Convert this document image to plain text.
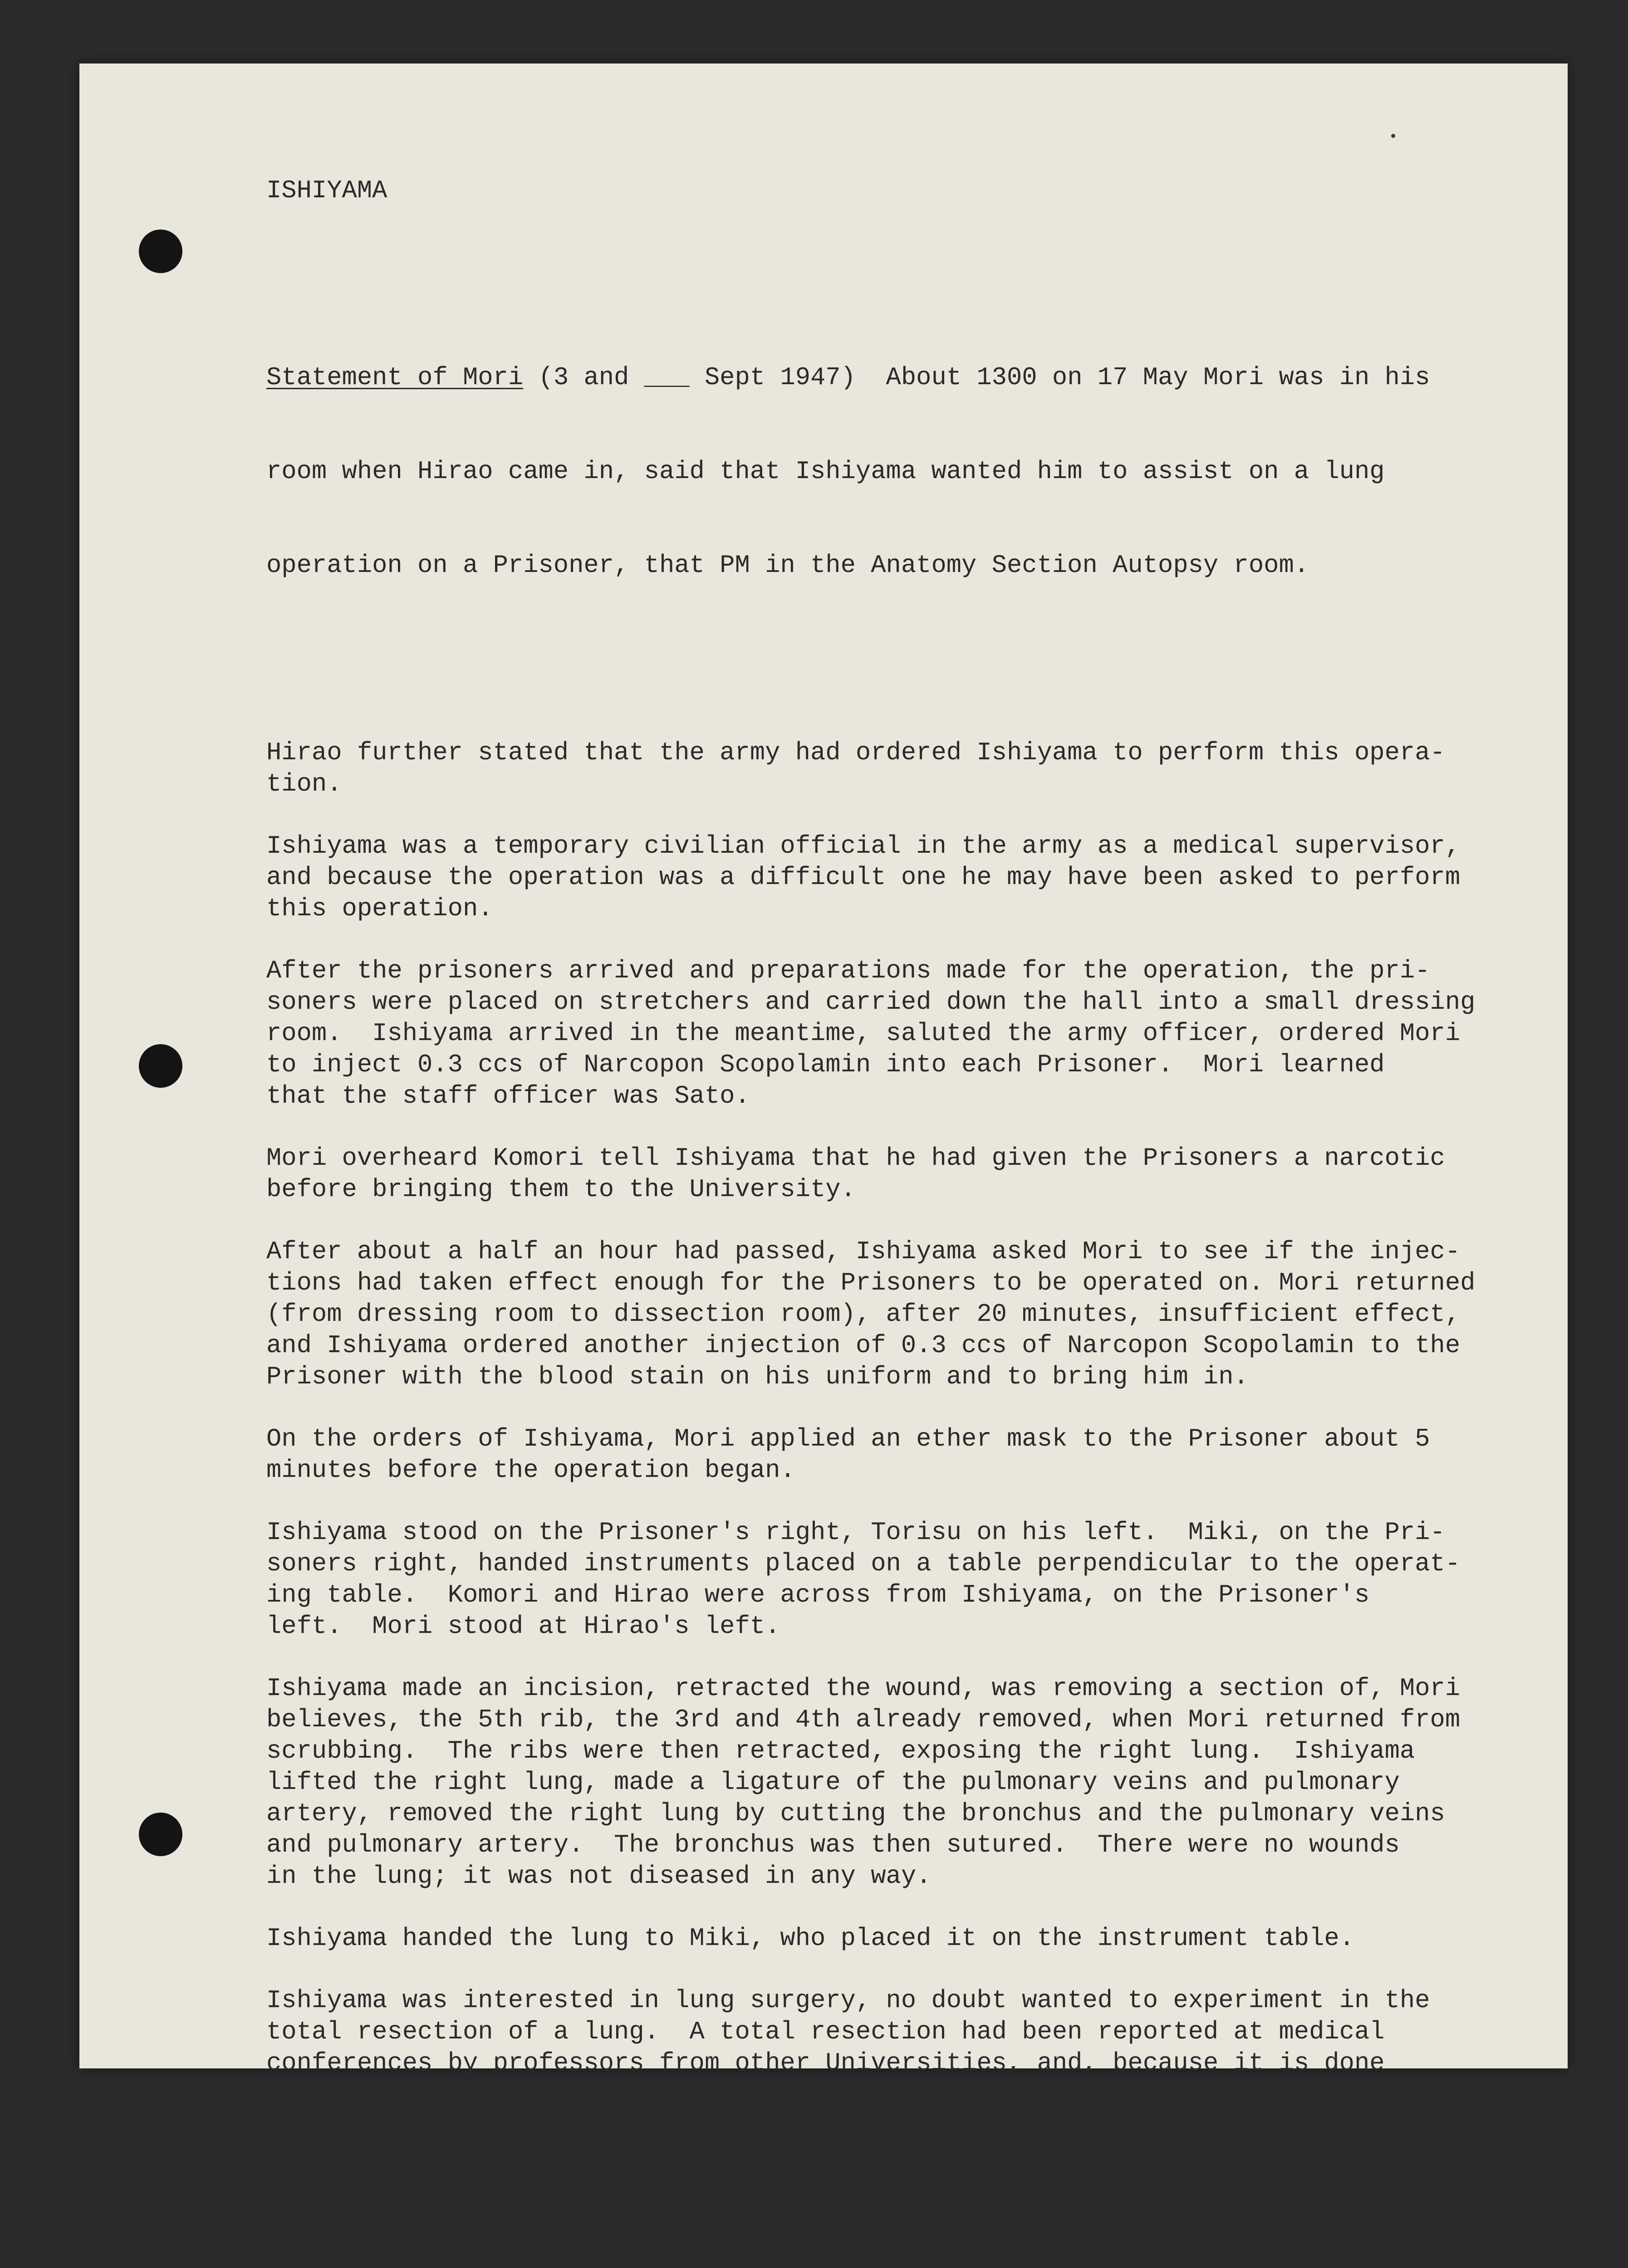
ISHIYAMA

Statement of Mori (3 and ___ Sept 1947)  About 1300 on 17 May Mori was in his

room when Hirao came in, said that Ishiyama wanted him to assist on a lung

operation on a Prisoner, that PM in the Anatomy Section Autopsy room.

Hirao further stated that the army had ordered Ishiyama to perform this opera-
tion.
Ishiyama was a temporary civilian official in the army as a medical supervisor,
and because the operation was a difficult one he may have been asked to perform
this operation.
After the prisoners arrived and preparations made for the operation, the pri-
soners were placed on stretchers and carried down the hall into a small dressing
room.  Ishiyama arrived in the meantime, saluted the army officer, ordered Mori
to inject 0.3 ccs of Narcopon Scopolamin into each Prisoner.  Mori learned
that the staff officer was Sato.
Mori overheard Komori tell Ishiyama that he had given the Prisoners a narcotic
before bringing them to the University.
After about a half an hour had passed, Ishiyama asked Mori to see if the injec-
tions had taken effect enough for the Prisoners to be operated on. Mori returned
(from dressing room to dissection room), after 20 minutes, insufficient effect,
and Ishiyama ordered another injection of 0.3 ccs of Narcopon Scopolamin to the
Prisoner with the blood stain on his uniform and to bring him in.
On the orders of Ishiyama, Mori applied an ether mask to the Prisoner about 5
minutes before the operation began.
Ishiyama stood on the Prisoner's right, Torisu on his left.  Miki, on the Pri-
soners right, handed instruments placed on a table perpendicular to the operat-
ing table.  Komori and Hirao were across from Ishiyama, on the Prisoner's
left.  Mori stood at Hirao's left.
Ishiyama made an incision, retracted the wound, was removing a section of, Mori
believes, the 5th rib, the 3rd and 4th already removed, when Mori returned from
scrubbing.  The ribs were then retracted, exposing the right lung.  Ishiyama
lifted the right lung, made a ligature of the pulmonary veins and pulmonary
artery, removed the right lung by cutting the bronchus and the pulmonary veins
and pulmonary artery.  The bronchus was then sutured.  There were no wounds
in the lung; it was not diseased in any way.
Ishiyama handed the lung to Miki, who placed it on the instrument table.
Ishiyama was interested in lung surgery, no doubt wanted to experiment in the
total resection of a lung.  A total resection had been reported at medical
conferences by professors from other Universities, and, because it is done
where a condition of cancer of the lung exists, these patients are rare and
hard to find and this gave him an opportunity to experiment without waiting
for the necessary patient.  Mori believes the Prisoner was still alive when
the incision was sutured, is not sure.  Ishiyama said to Sato, "I have now
learned how a total lung resection can be done."
